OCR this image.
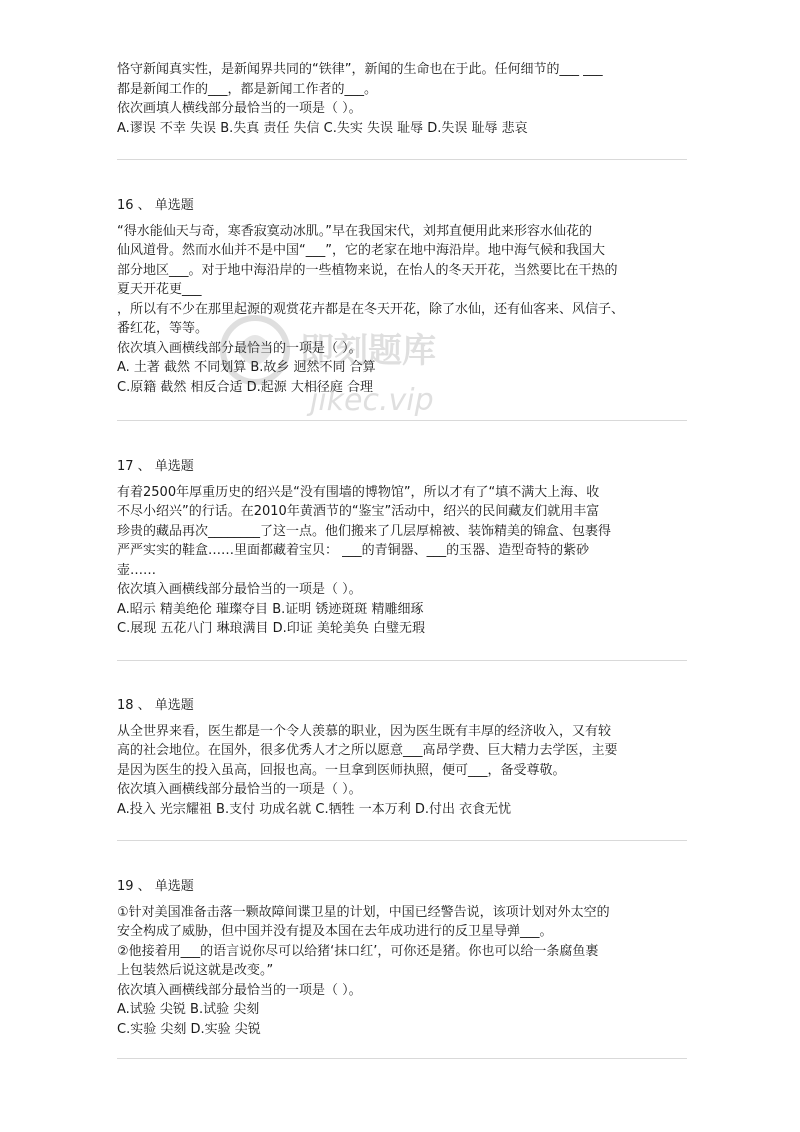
恪守新闻真实性，是新闻界共同的“铁律”，新闻的生命也在于此。任何细节的___ ___
都是新闻工作的___，都是新闻工作者的___。
依次画填人横线部分最恰当的一项是（ ）。
A.谬误 不幸 失误 B.失真 责任 失信 C.失实 失误 耻辱 D.失误 耻辱 悲哀
16 、 单选题
“得水能仙天与奇，寒香寂寞动冰肌。”早在我国宋代，刘邦直便用此来形容水仙花的
仙风道骨。然而水仙并不是中国“___”，它的老家在地中海沿岸。地中海气候和我国大
部分地区___。对于地中海沿岸的一些植物来说，在怡人的冬天开花，当然要比在干热的
夏天开花更___
，所以有不少在那里起源的观赏花卉都是在冬天开花，除了水仙，还有仙客来、风信子、
番红花，等等。
依次填入画横线部分最恰当的一项是（ ）。
A. 土著 截然 不同划算 B.故乡 迥然不同 合算
C.原籍 截然 相反合适 D.起源 大相径庭 合理
17 、 单选题
有着2500年厚重历史的绍兴是“没有围墙的博物馆”，所以才有了“填不满大上海、收
不尽小绍兴”的行话。在2010年黄酒节的“鉴宝”活动中，绍兴的民间藏友们就用丰富
珍贵的藏品再次________了这一点。他们搬来了几层厚棉被、装饰精美的锦盒、包裹得
严严实实的鞋盒……里面都藏着宝贝： ___的青铜器、___的玉器、造型奇特的紫砂
壶……
依次填入画横线部分最恰当的一项是（ ）。
A.昭示 精美绝伦 璀璨夺目 B.证明 锈迹斑斑 精雕细琢
C.展现 五花八门 琳琅满目 D.印证 美轮美奂 白璧无瑕
18 、 单选题
从全世界来看，医生都是一个令人羡慕的职业，因为医生既有丰厚的经济收入，又有较
高的社会地位。在国外，很多优秀人才之所以愿意___高昂学费、巨大精力去学医，主要
是因为医生的投入虽高，回报也高。一旦拿到医师执照，便可___，备受尊敬。
依次填入画横线部分最恰当的一项是（ ）。
A.投入 光宗耀祖 B.支付 功成名就 C.牺牲 一本万利 D.付出 衣食无忧
19 、 单选题
①针对美国准备击落一颗故障间谍卫星的计划，中国已经警告说，该项计划对外太空的
安全构成了威胁，但中国并没有提及本国在去年成功进行的反卫星导弹___。
②他接着用___的语言说你尽可以给猪‘抹口红’，可你还是猪。你也可以给一条腐鱼裹
上包装然后说这就是改变。”
依次填入画横线部分最恰当的一项是（ ）。
A.试验 尖锐 B.试验 尖刻
C.实验 尖刻 D.实验 尖锐
即刻题库
jikec.vip
